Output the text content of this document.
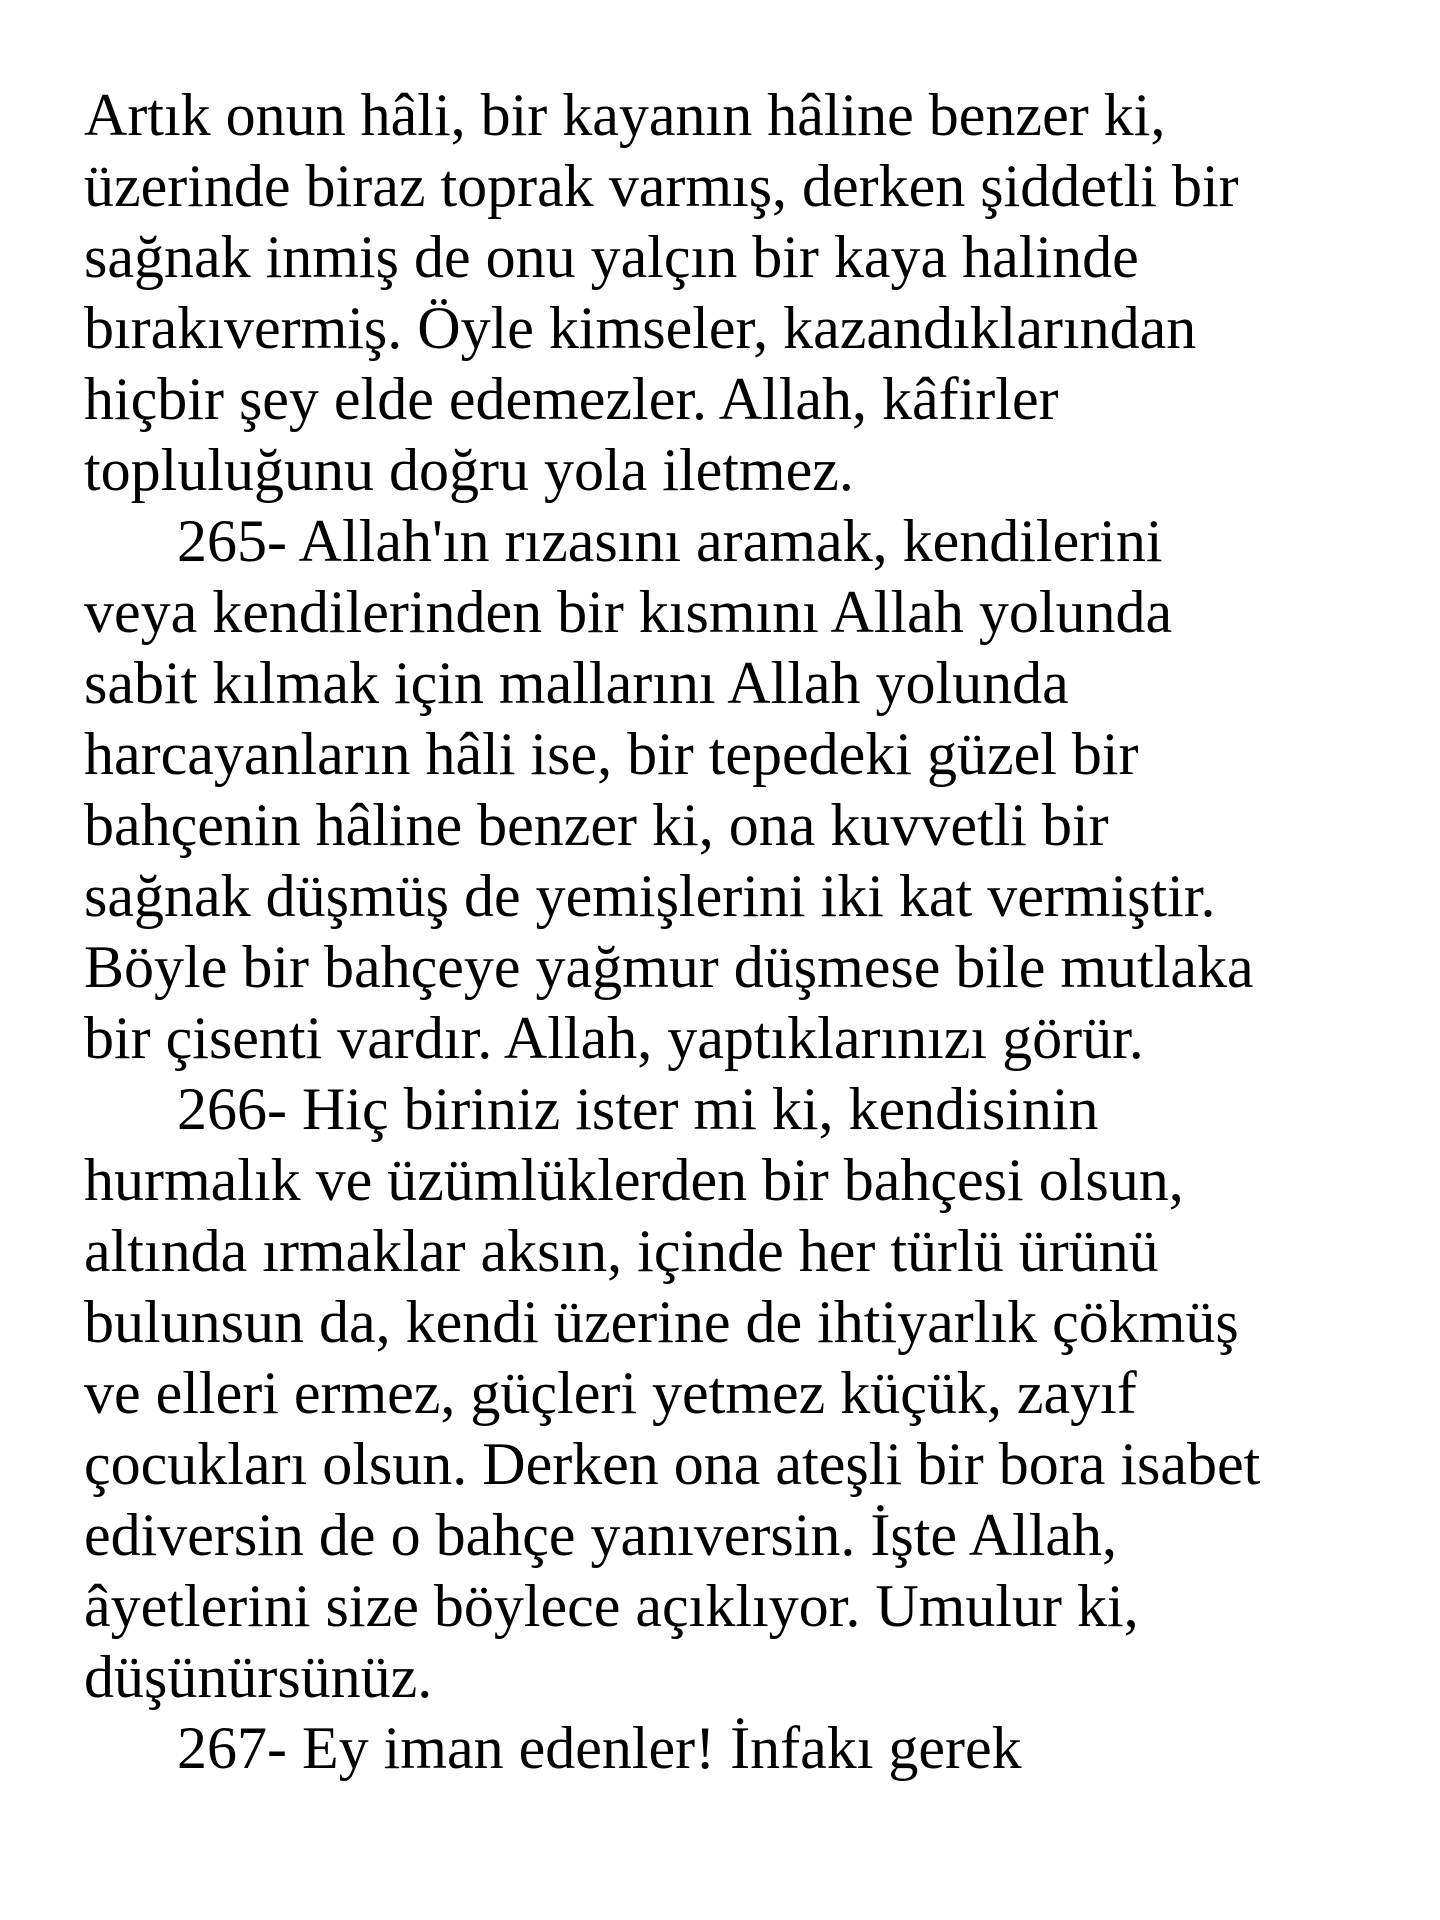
Artık onun hâli, bir kayanın hâline benzer ki,
üzerinde biraz toprak varmış, derken şiddetli bir
sağnak inmiş de onu yalçın bir kaya halinde
bırakıvermiş. Öyle kimseler, kazandıklarından
hiçbir şey elde edemezler. Allah, kâfirler
topluluğunu doğru yola iletmez.
265- Allah'ın rızasını aramak, kendilerini
veya kendilerinden bir kısmını Allah yolunda
sabit kılmak için mallarını Allah yolunda
harcayanların hâli ise, bir tepedeki güzel bir
bahçenin hâline benzer ki, ona kuvvetli bir
sağnak düşmüş de yemişlerini iki kat vermiştir.
Böyle bir bahçeye yağmur düşmese bile mutlaka
bir çisenti vardır. Allah, yaptıklarınızı görür.
266- Hiç biriniz ister mi ki, kendisinin
hurmalık ve üzümlüklerden bir bahçesi olsun,
altında ırmaklar aksın, içinde her türlü ürünü
bulunsun da, kendi üzerine de ihtiyarlık çökmüş
ve elleri ermez, güçleri yetmez küçük, zayıf
çocukları olsun. Derken ona ateşli bir bora isabet
ediversin de o bahçe yanıversin. İşte Allah,
âyetlerini size böylece açıklıyor. Umulur ki,
düşünürsünüz.
267- Ey iman edenler! İnfakı gerek
